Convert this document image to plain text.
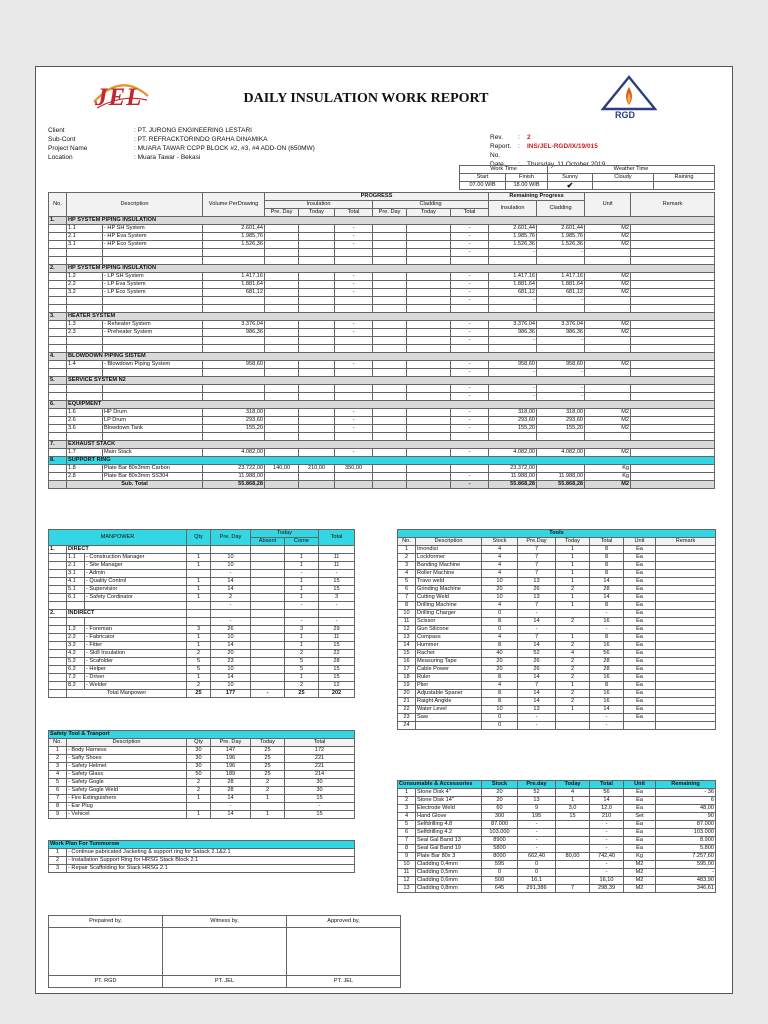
JEL	DAILY INSULATION WORK REPORT
RGD
Client	: PT. JURONG ENGINEERING LESTARI
Sub-Cont	: PT. REFRACKTORINDO GRAHA DINAMIKA
Project Name	: MUARA TAWAR CCPP BLOCK #2, #3, #4 ADD-ON (650MW)
Location	: Muara Tawar - Bekasi
Rev.	:	2
Report. No.
:	INS/JEL-RGD/IX/19/015
Date	:	Thursday, 11 October 2019
Work Time		Weather Time		
Start	Finish	Sunny	Cloudy	Raining
07.00 WIB	18.00 WIB	✔		
No.	Description		Volume PerDrawing	PROGRESS						Remaining Progress		Unit	Remark
				Insulation			Cladding			Insulation	Cladding		
				Pre. Day	Today	Total	Pre. Day	Today	Total				
1.	HP SYSTEM PIPING INSULATION												
	1.1	- HP SH System	2.601,44			-			-	2.601,44	2.601,44	M2	
	2.1	- HP Eva System	1.985,76			-			-	1.985,76	1.985,76	M2	
	3.1	- HP Eco System	1.526,36			-			-	1.526,36	1.526,36	M2	
									-	-	-		

2.	HP SYSTEM PIPING INSULATION												
	1.2	- LP SH System	1.417,16			-			-	1.417,16	1.417,16	M2	
	2.2	- LP Eva System	1.881,64			-			-	1.881,64	1.881,64	M2	
	3.2	- LP Eco System	681,12			-			-	681,12	681,12	M2	
									-	-	-		

3.	HEATER SYSTEM												
	1.3	- Reheater System	3.376,04			-			-	3.376,04	3.376,04	M2	
	2.3	- Preheater System	986,36			-			-	986,36	986,36	M2	
									-	-	-		

4.	BLOWDOWN PIPING SISTEM												
	1.4	- Blowdown Piping System	958,60			-			-	958,60	958,60	M2	
									-	-	-		
5.	SERVICE SYSTEM N2												
									-	-	-		
									-	-	-		
6.	EQUIPMENT												
	1.6	HP Drum	318,00			-			-	318,00	318,00	M2	
	2.6	LP Drum	293,60			-			-	293,60	293,60	M2	
	3.6	Blowdown Tank	155,20			-			-	155,20	155,20	M2	

7.	EXHAUST STACK												
	1.7	Main Stack	4.082,00			-			-	4.082,00	4.082,00	M2	
8.	SUPPORT RING												
	1.8	Plate Bar 80x3mm Carbon	23.722,00	140,00	210,00	350,00				23.372,00		Kg	
	2.8	Plate Bar 80x3mm SS304	11.988,00						-	11.988,00	11.988,00	Kg	
	Sub. Total		55.868,28						-	55.868,28	55.868,28	M2	
MANPOWER			Qty	Pre. Day	Today		Total
					Absent	Come	
1.	DIRECT						
	1.1	- Construction Manager	1	10		1	11
	2.1	- Site Manager	1	10		1	11
	3.1	- Admin		-		-	-
	4.1	- Quality Control	1	14		1	15
	5.1	- Supervisior	1	14		1	15
	6.1	- Safety Cordinator	1	2		1	3
				-		-	-
2.	INDIRECT						
				-		-	-
	1.2	- Foreman	3	26		3	29
	2.2	- Fabricator	1	10		1	11
	3.2	- Fitter	1	14		1	15
	4.2	- Skill Insulation	2	20		2	22
	5.2	- Scafolder	5	23		5	28
	6.2	- Helper	5	10		5	15
	7.2	- Driver	1	14		1	15
	8.2	- Welder	2	10		2	12
	Total Manpower		25	177	-	25	202
Safety Tool & Tranport					
No.	Description	Qty	Pre. Day	Today	Total
1	- Body Harness	30	147	25	172
2	- Safty Shoes	30	196	25	221
3	- Safety Helmet	30	196	25	221
4	- Safety Glass	50	189	25	214
5	- Safety Gogle	2	28	2	30
6	- Safety Gogle Weld	2	28	2	30
7	- Fire Extinguishers	1	14	1	15
8	- Ear Plug		-		-
9	- Vehicel	1	14	1	15
Work Plan For Tummorow	
1	- Continue pabricated Jacketing & support ring for Satack 2.1&2.1
2	- Installation Support Ring for HRSG Stack Block 2.1
3	- Repair Scaffolding for Stack HRSG 2.1
Tools							
No.	Description	Stock	Pre.Day	Today	Total	Unit	Remark
1	Imondisi	4	7	1	8	Ea	
2	Lockformer	4	7	1	8	Ea	
3	Banding Machine	4	7	1	8	Ea	
4	Roller Machine	4	7	1	8	Ea	
5	Travo weld	10	13	1	14	Ea	
6	Grinding Machine	20	26	2	28	Ea	
7	Cutting Weld	10	13	1	14	Ea	
8	Drilling Machine	4	7	1	8	Ea	
10	Drilling Charger	0	-		-	Ea	
11	Scissor	8	14	2	16	Ea	
12	Gun Silicone	0	-		-	Ea	
13	Compass	4	7	1	8	Ea	
14	Hummer	8	14	2	16	Ea	
15	Rachet	40	52	4	56	Ea	
16	Measuring Tape	20	26	2	28	Ea	
17	Cable Power	20	26	2	28	Ea	
18	Ruler	8	14	2	16	Ea	
19	Plier	4	7	1	8	Ea	
20	Adjustable Spaner	8	14	2	16	Ea	
21	Raight Angkle	8	14	2	16	Ea	
22	Water Level	10	13	1	14	Ea	
23	Saw	0	-		-	Ea	
24		0	-		-		
Consumable & Accessories		Stock	Pre.day	Today	Total	Unit	Remaining
1	Stone Disk 4"	20	52	4	56	Ea	- 36
2	Stone Disk 14"	20	13	1	14	Ea	6
3	Electrode Weld	60	9	3,0	12,0	Ea	48,00
4	Hand Glove	300	195	15	210	Set	90
5	Selfdrilling 4.8	87.000	-		-	Ea	87.000
6	Selfdrilling 4.2	103.000	-		-	Ea	103.000
7	Seal Gal Band 13	8900	-		-	Ea	8.900
8	Seal Gal Band 19	5800	-		-	Ea	5.800
9	Plate Bar 80x 3	8000	662,40	80,00	742,40	Kg	7.257,60
10	Cladding 0,4mm	595	0		-	M2	595,00
11	Cladding 0,5mm	0	0		-	M2	-
12	Cladding 0,6mm	500	16,1		16,10	M2	483,90
13	Cladding 0,8mm	645	291,386	7	298,39	M2	346,61
Prepaired by,	Witness by,	Approved by,

PT. RGD	PT. JEL	PT. JEL
